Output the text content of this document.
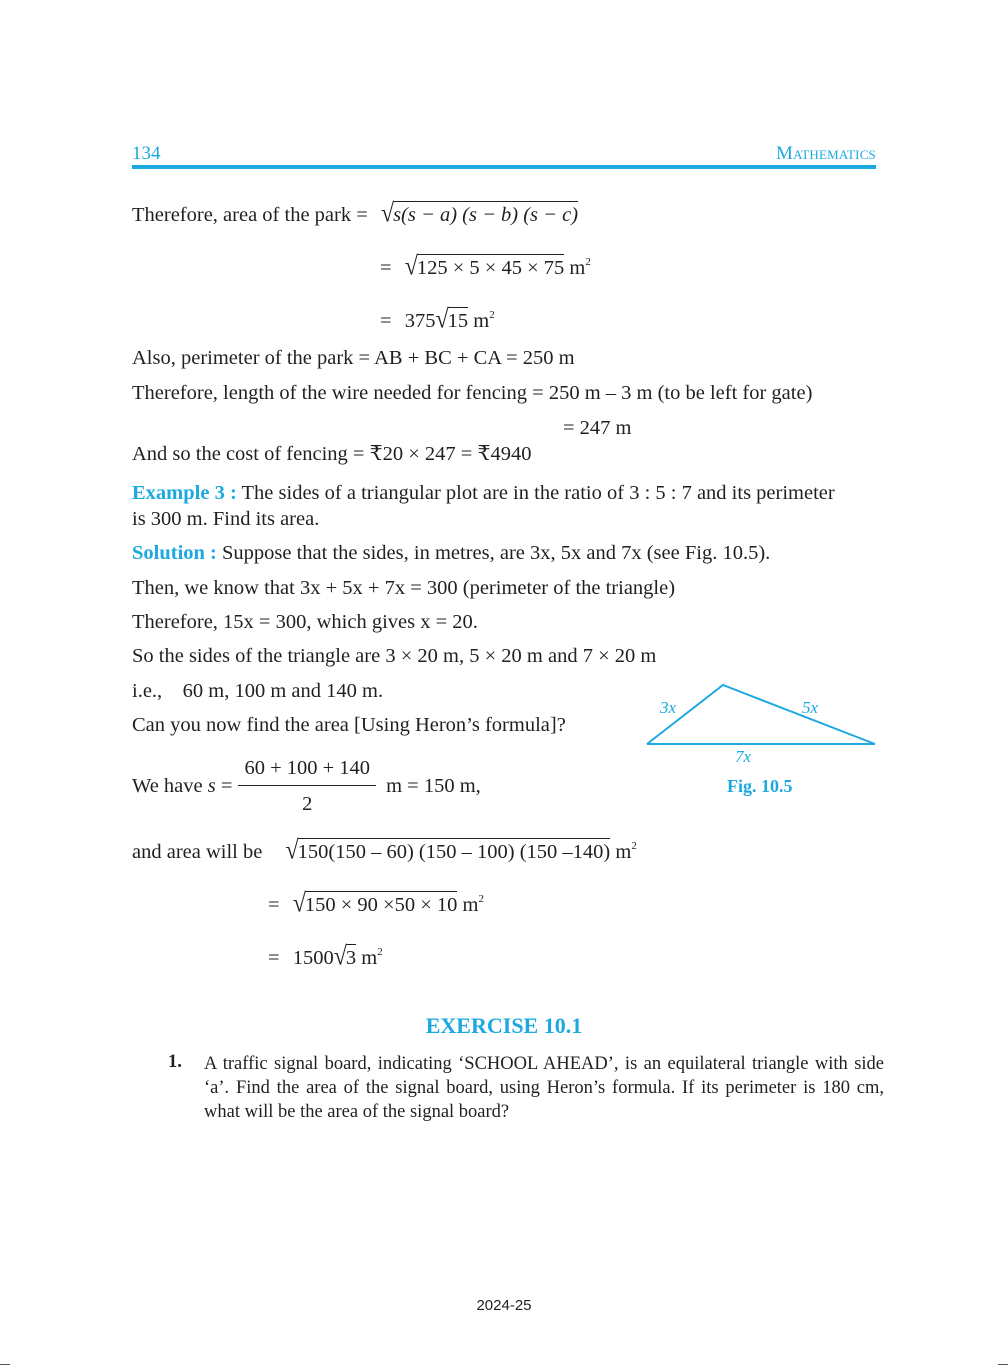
134	Mathematics
Therefore, area of the park = √s(s − a) (s − b) (s − c)
= √125 × 5 × 45 × 75 $m^2$
= 375√15 $m^2$
Also, perimeter of the park = AB + BC + CA = 250 m
Therefore, length of the wire needed for fencing = 250 m – 3 m (to be left for gate)
= 247 m
And so the cost of fencing = ₹20 × 247 = ₹4940
Example 3 : The sides of a triangular plot are in the ratio of 3 : 5 : 7 and its perimeter
is 300 m. Find its area.
Solution : Suppose that the sides, in metres, are 3x, 5x and 7x (see Fig. 10.5).
Then, we know that 3x + 5x + 7x = 300 (perimeter of the triangle)
Therefore, 15x = 300, which gives x = 20.
So the sides of the triangle are 3 × 20 m, 5 × 20 m and 7 × 20 m
i.e.,    60 m, 100 m and 140 m.
Can you now find the area [Using Heron’s formula]?
We have
s
= $\frac{60 + 100 + 140}{2}$ m = 150 m,
and area will be √150(150 – 60) (150 – 100) (150 –140) $m^2$
= √150 × 90 ×50 × 10 $m^2$
= 1500√3 $m^2$
3x	5x
7x
Fig. 10.5
EXERCISE 10.1
1. A traffic signal board, indicating ‘SCHOOL AHEAD’, is an equilateral triangle with side ‘a’. Find the area of the signal board, using Heron’s formula. If its perimeter is 180 cm, what will be the area of the signal board?
2024-25
